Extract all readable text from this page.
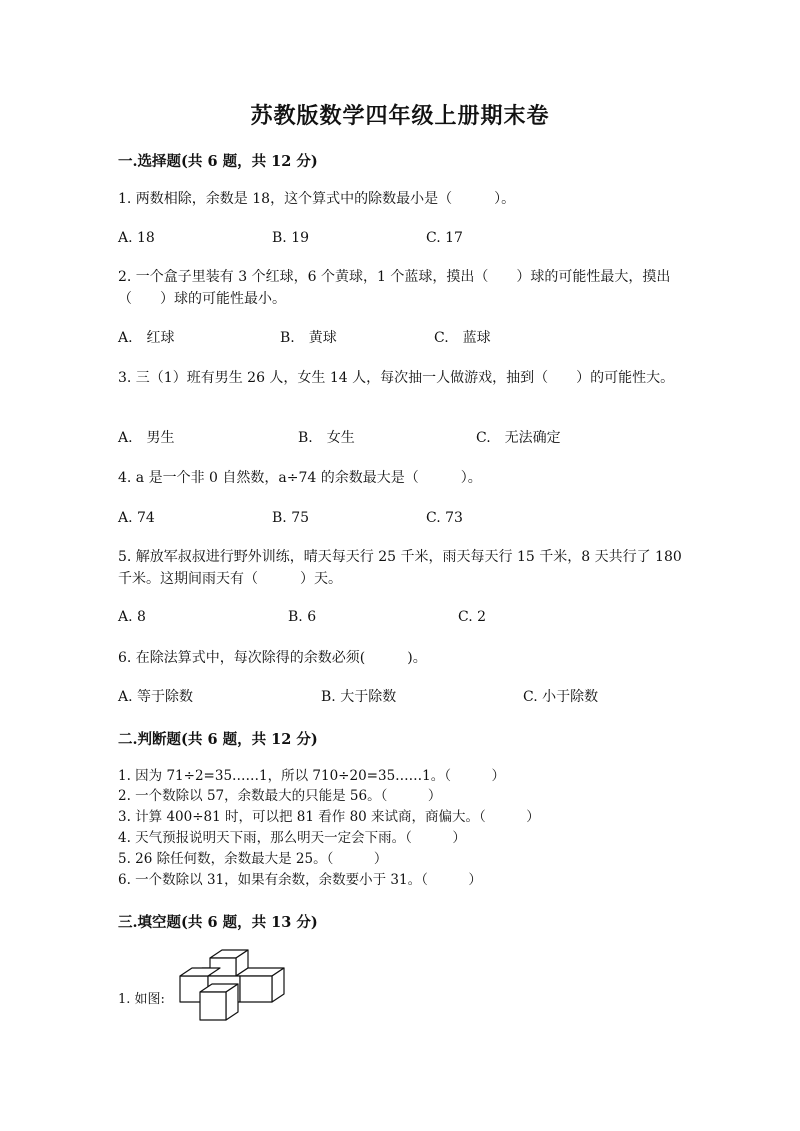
苏教版数学四年级上册期末卷
一.选择题(共 6 题，共 12 分)
1. 两数相除，余数是 18，这个算式中的除数最小是（　　　）。
A. 18	B. 19	C. 17
2. 一个盒子里装有 3 个红球，6 个黄球，1 个蓝球，摸出（　　）球的可能性最大，摸出（　　）球的可能性最小。
A.　红球	B.　黄球	C.　蓝球
3. 三（1）班有男生 26 人，女生 14 人，每次抽一人做游戏，抽到（　　）的可能性大。
A.　男生	B.　女生	C.　无法确定
4. a 是一个非 0 自然数，a÷74 的余数最大是（　　　）。
A. 74	B. 75	C. 73
5. 解放军叔叔进行野外训练，晴天每天行 25 千米，雨天每天行 15 千米，8 天共行了 180 千米。这期间雨天有（　　　）天。
A. 8	B. 6	C. 2
6. 在除法算式中，每次除得的余数必须(　　　)。
A. 等于除数	B. 大于除数	C. 小于除数
二.判断题(共 6 题，共 12 分)
1. 因为 71÷2=35……1，所以 710÷20=35……1。（　　　）
2. 一个数除以 57，余数最大的只能是 56。（　　　）
3. 计算 400÷81 时，可以把 81 看作 80 来试商，商偏大。（　　　）
4. 天气预报说明天下雨，那么明天一定会下雨。（　　　）
5. 26 除任何数，余数最大是 25。（　　　）
6. 一个数除以 31，如果有余数，余数要小于 31。（　　　）
三.填空题(共 6 题，共 13 分)
1. 如图:
